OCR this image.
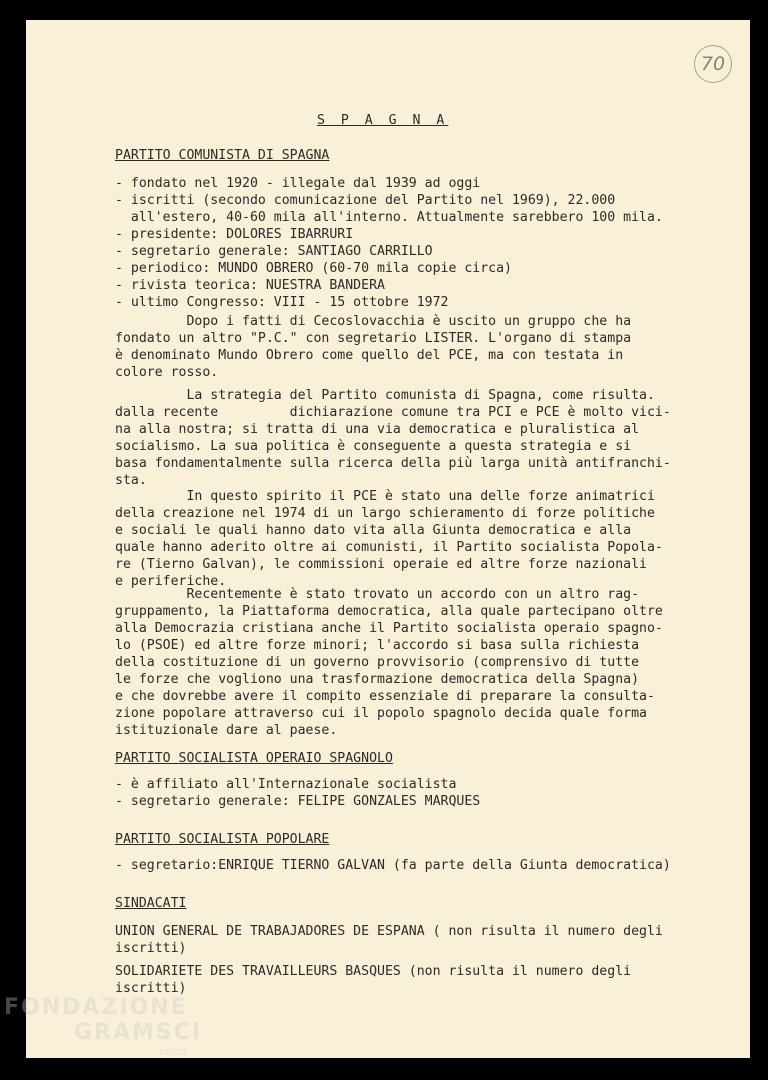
70
S P A G N A
PARTITO COMUNISTA DI SPAGNA
- fondato nel 1920 - illegale dal 1939 ad oggi
- iscritti (secondo comunicazione del Partito nel 1969), 22.000
all'estero, 40-60 mila all'interno. Attualmente sarebbero 100 mila.
- presidente: DOLORES IBARRURI
- segretario generale: SANTIAGO CARRILLO
- periodico: MUNDO OBRERO (60-70 mila copie circa)
- rivista teorica: NUESTRA BANDERA
- ultimo Congresso: VIII - 15 ottobre 1972
Dopo i fatti di Cecoslovacchia è uscito un gruppo che ha
fondato un altro "P.C." con segretario LISTER. L'organo di stampa
è denominato Mundo Obrero come quello del PCE, ma con testata in
colore rosso.
La strategia del Partito comunista di Spagna, come risulta.
dalla recente         dichiarazione comune tra PCI e PCE è molto vici-
na alla nostra; si tratta di una via democratica e pluralistica al
socialismo. La sua politica è conseguente a questa strategia e si
basa fondamentalmente sulla ricerca della più larga unità antifranchi-
sta.
In questo spirito il PCE è stato una delle forze animatrici
della creazione nel 1974 di un largo schieramento di forze politiche
e sociali le quali hanno dato vita alla Giunta democratica e alla
quale hanno aderito oltre ai comunisti, il Partito socialista Popola-
re (Tierno Galvan), le commissioni operaie ed altre forze nazionali
e periferiche.
Recentemente è stato trovato un accordo con un altro rag-
gruppamento, la Piattaforma democratica, alla quale partecipano oltre
alla Democrazia cristiana anche il Partito socialista operaio spagno-
lo (PSOE) ed altre forze minori; l'accordo si basa sulla richiesta
della costituzione di un governo provvisorio (comprensivo di tutte
le forze che vogliono una trasformazione democratica della Spagna)
e che dovrebbe avere il compito essenziale di preparare la consulta-
zione popolare attraverso cui il popolo spagnolo decida quale forma
istituzionale dare al paese.
PARTITO SOCIALISTA OPERAIO SPAGNOLO
- è affiliato all'Internazionale socialista
- segretario generale: FELIPE GONZALES MARQUES
PARTITO SOCIALISTA POPOLARE
- segretario:ENRIQUE TIERNO GALVAN (fa parte della Giunta democratica)
SINDACATI
UNION GENERAL DE TRABAJADORES DE ESPANA ( non risulta il numero degli
iscritti)
SOLIDARIETE DES TRAVAILLEURS BASQUES (non risulta il numero degli
iscritti)
FONDAZIONE
GRAMSCI
onlus
